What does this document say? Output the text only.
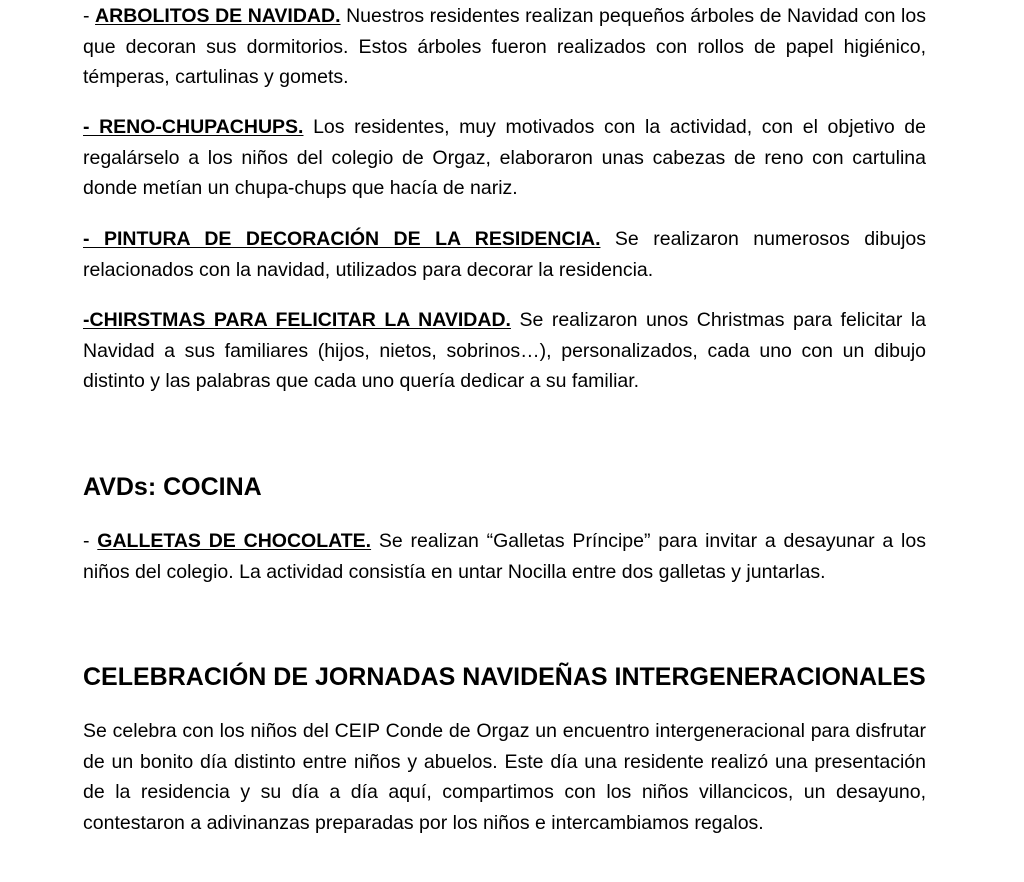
- ARBOLITOS DE NAVIDAD. Nuestros residentes realizan pequeños árboles de Navidad con los que decoran sus dormitorios. Estos árboles fueron realizados con rollos de papel higiénico, témperas, cartulinas y gomets.

- RENO-CHUPACHUPS. Los residentes, muy motivados con la actividad, con el objetivo de regalárselo a los niños del colegio de Orgaz, elaboraron unas cabezas de reno con cartulina donde metían un chupa-chups que hacía de nariz.

- PINTURA DE DECORACIÓN DE LA RESIDENCIA. Se realizaron numerosos dibujos relacionados con la navidad, utilizados para decorar la residencia.

-CHIRSTMAS PARA FELICITAR LA NAVIDAD. Se realizaron unos Christmas para felicitar la Navidad a sus familiares (hijos, nietos, sobrinos…), personalizados, cada uno con un dibujo distinto y las palabras que cada uno quería dedicar a su familiar.

AVDs: COCINA

- GALLETAS DE CHOCOLATE. Se realizan “Galletas Príncipe” para invitar a desayunar a los niños del colegio. La actividad consistía en untar Nocilla entre dos galletas y juntarlas.

CELEBRACIÓN DE JORNADAS NAVIDEÑAS INTERGENERACIONALES

Se celebra con los niños del CEIP Conde de Orgaz un encuentro intergeneracional para disfrutar de un bonito día distinto entre niños y abuelos. Este día una residente realizó una presentación de la residencia y su día a día aquí, compartimos con los niños villancicos, un desayuno, contestaron a adivinanzas preparadas por los niños e intercambiamos regalos.
